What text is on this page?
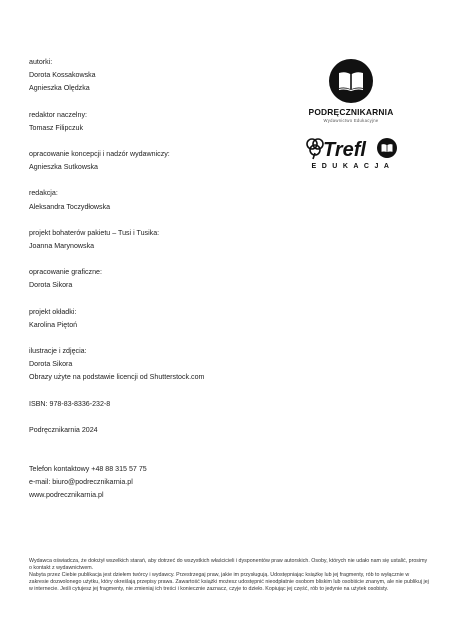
autorki:
Dorota Kossakowska
Agnieszka Olędzka
redaktor naczelny:
Tomasz Filipczuk
opracowanie koncepcji i nadzór wydawniczy:
Agnieszka Sutkowska
redakcja:
Aleksandra Toczydłowska
projekt bohaterów pakietu – Tusi i Tusika:
Joanna Marynowska
opracowanie graficzne:
Dorota Sikora
projekt okładki:
Karolina Piętoń
ilustracje i zdjęcia:
Dorota Sikora
Obrazy użyte na podstawie licencji od Shutterstock.com
ISBN: 978-83-8336-232-8
Podręcznikarnia 2024
Telefon kontaktowy +48 88 315 57 75
e-mail: biuro@podrecznikarnia.pl
www.podrecznikarnia.pl
PODRĘCZNIKARNIA
Wydawnictwo Edukacyjne
Trefl
EDUKACJA

Wydawca oświadcza, że dołożył wszelkich starań, aby dotrzeć do wszystkich właścicieli i dysponentów praw autorskich. Osoby, których nie udało nam się ustalić, prosimy o kontakt z wydawnictwem.

Nabyta przez Ciebie publikacja jest dziełem twórcy i wydawcy. Przestrzegaj praw, jakie im przysługują. Udostępniając książkę lub jej fragmenty, rób to wyłącznie w zakresie dozwolonego użytku, który określają przepisy prawa. Zawartość książki możesz udostępnić nieodpłatnie osobom bliskim lub osobiście znanym, ale nie publikuj jej w internecie. Jeśli cytujesz jej fragmenty, nie zmieniaj ich treści i koniecznie zaznacz, czyje to dzieło. Kopiując jej część, rób to jedynie na użytek osobisty.
